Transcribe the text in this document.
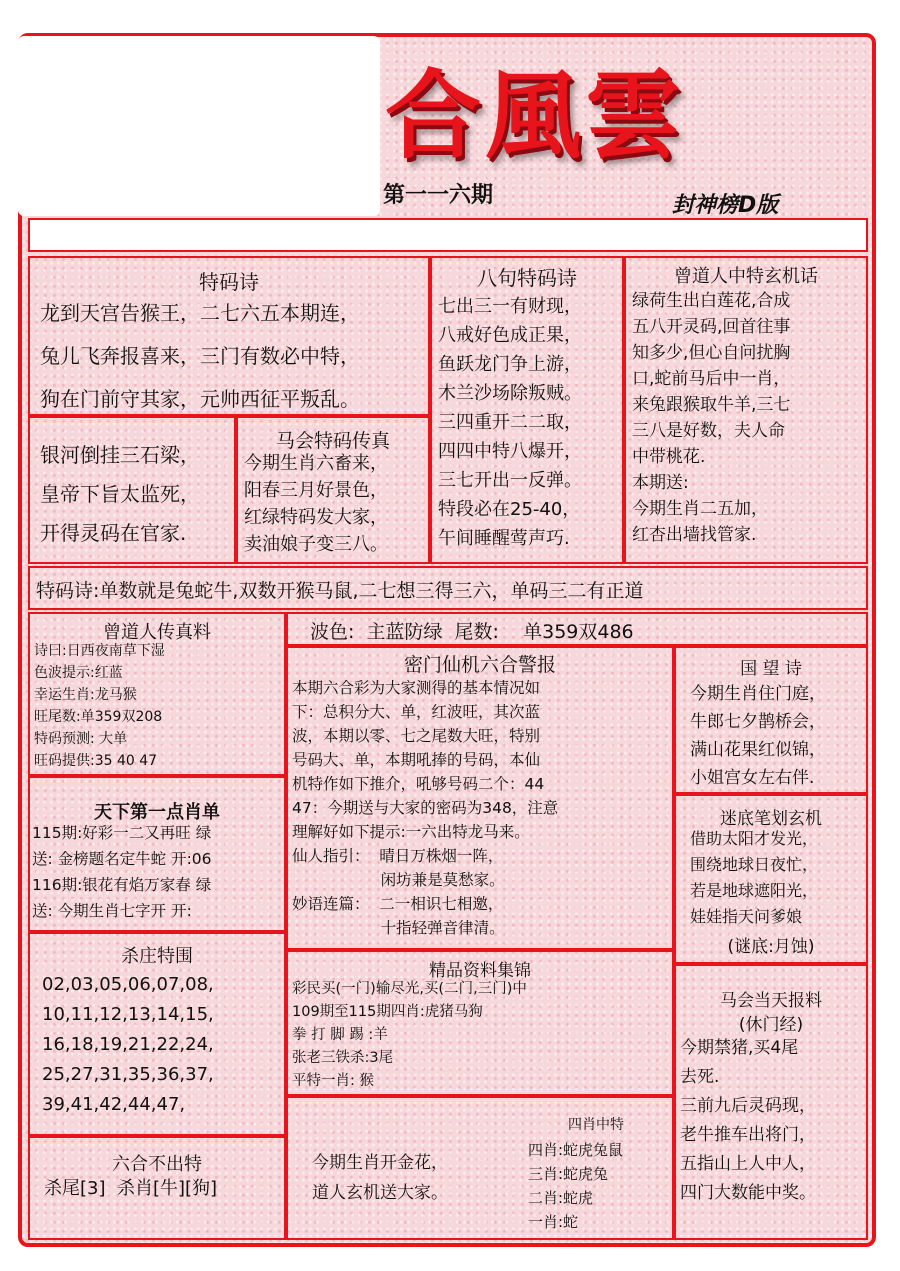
合風雲
第一一六期	封神榜D版
特码诗
龙到天宫告猴王，二七六五本期连，
兔儿飞奔报喜来，三门有数必中特，
狗在门前守其家，元帅西征平叛乱。
银河倒挂三石梁，
皇帝下旨太监死，
开得灵码在官家.
马会特码传真
今期生肖六畜来，
阳春三月好景色，
红绿特码发大家，
卖油娘子变三八。
八句特码诗
七出三一有财现，
八戒好色成正果，
鱼跃龙门争上游，
木兰沙场除叛贼。
三四重开二二取，
四四中特八爆开，
三七开出一反弹。
特段必在25-40，
午间睡醒莺声巧.
曾道人中特玄机话
绿荷生出白莲花,合成
五八开灵码,回首往事
知多少,但心自问扰胸
口,蛇前马后中一肖，
来兔跟猴取牛羊,三七
三八是好数，夫人命
中带桃花.
本期送:
今期生肖二五加，
红杏出墙找管家.
特码诗:单数就是兔蛇牛,双数开猴马鼠,二七想三得三六，单码三二有正道
曾道人传真料
诗曰:日西夜南草下湿
色波提示:红蓝
幸运生肖:龙马猴
旺尾数:单359双208
特码预测: 大单
旺码提供:35 40 47
波色:  主蓝防绿  尾数:    单359双486
密门仙机六合警报
本期六合彩为大家测得的基本情况如
下：总积分大、单，红波旺，其次蓝
波，本期以零、七之尾数大旺，特别
号码大、单，本期吼捧的号码，本仙
机特作如下推介，吼够号码二个：44
47：今期送与大家的密码为348，注意
理解好如下提示:一六出特龙马来。
仙人指引：  晴日万株烟一阵，
闲坊兼是莫愁家。
妙语连篇：  二一相识七相邀，
十指轻弹音律清。
国 望 诗
今期生肖住门庭，
牛郎七夕鹊桥会，
满山花果红似锦，
小姐宫女左右伴.
天下第一点肖单
115期:好彩一二又再旺 绿
送: 金榜题名定牛蛇 开:06
116期:银花有焰万家春 绿
送: 今期生肖七字开 开:
迷底笔划玄机
借助太阳才发光，
围绕地球日夜忙，
若是地球遮阳光，
娃娃指天问爹娘
(谜底:月蚀)
杀庄特围
02,03,05,06,07,08,
10,11,12,13,14,15,
16,18,19,21,22,24,
25,27,31,35,36,37,
39,41,42,44,47,
精品资料集锦
彩民买(一门)输尽光,买(二门,三门)中
109期至115期四肖:虎猪马狗
拳 打 脚 踢 :羊
张老三铁杀:3尾
平特一肖: 猴
马会当天报料
(休门经)
今期禁猪,买4尾
去死.
三前九后灵码现，
老牛推车出将门，
五指山上人中人，
四门大数能中奖。
六合不出特
杀尾[3]  杀肖[牛][狗]
今期生肖开金花，
道人玄机送大家。
四肖中特
四肖:蛇虎兔鼠
三肖:蛇虎兔
二肖:蛇虎
一肖:蛇
